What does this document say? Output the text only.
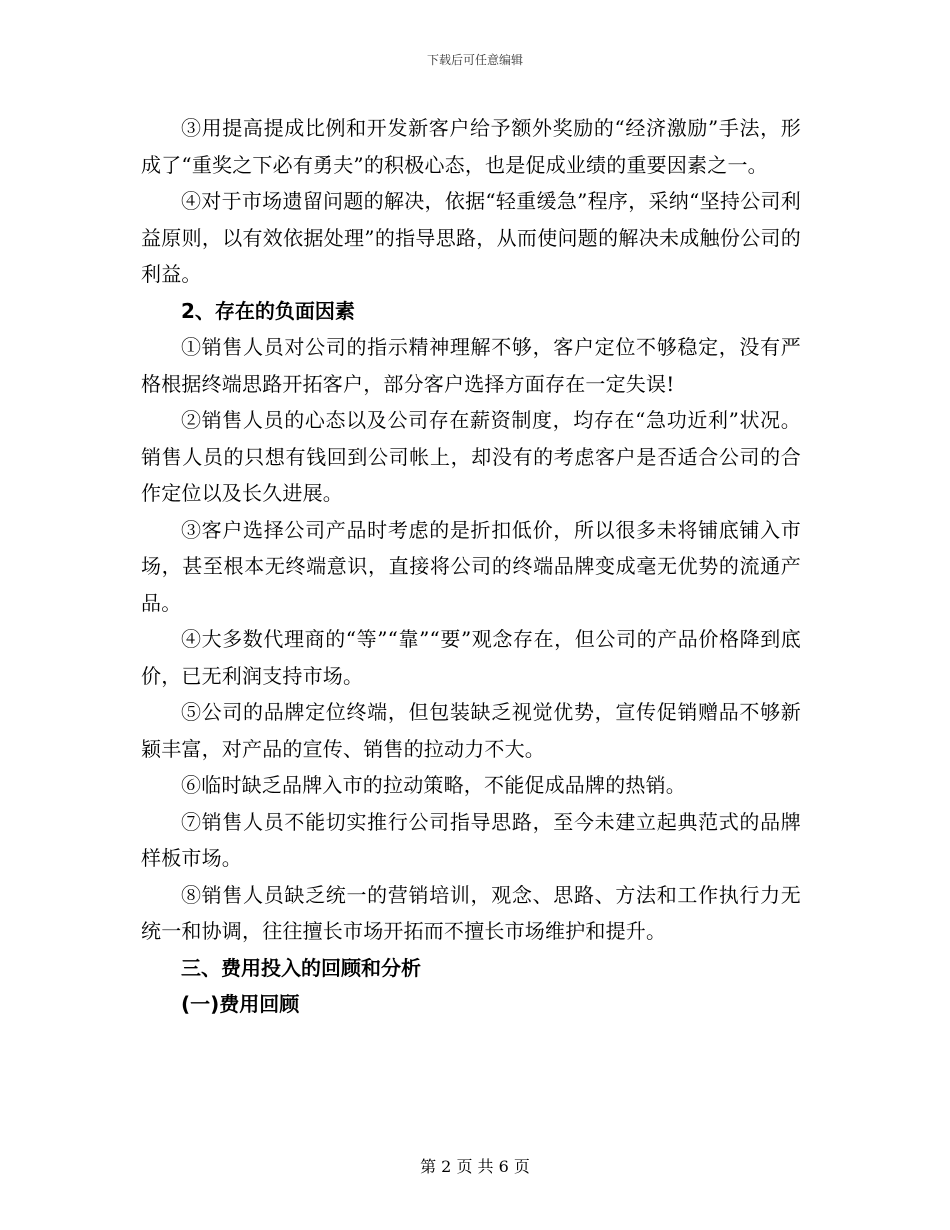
下载后可任意编辑

③用提高提成比例和开发新客户给予额外奖励的“经济激励”手法，形成了“重奖之下必有勇夫”的积极心态，也是促成业绩的重要因素之一。

④对于市场遗留问题的解决，依据“轻重缓急”程序，采纳“坚持公司利益原则，以有效依据处理”的指导思路，从而使问题的解决未成触份公司的利益。

2、存在的负面因素

①销售人员对公司的指示精神理解不够，客户定位不够稳定，没有严格根据终端思路开拓客户，部分客户选择方面存在一定失误!

②销售人员的心态以及公司存在薪资制度，均存在“急功近利”状况。销售人员的只想有钱回到公司帐上，却没有的考虑客户是否适合公司的合作定位以及长久进展。

③客户选择公司产品时考虑的是折扣低价，所以很多未将铺底铺入市场，甚至根本无终端意识，直接将公司的终端品牌变成毫无优势的流通产品。

④大多数代理商的“等”“靠”“要”观念存在，但公司的产品价格降到底价，已无利润支持市场。

⑤公司的品牌定位终端，但包装缺乏视觉优势，宣传促销赠品不够新颖丰富，对产品的宣传、销售的拉动力不大。

⑥临时缺乏品牌入市的拉动策略，不能促成品牌的热销。

⑦销售人员不能切实推行公司指导思路，至今未建立起典范式的品牌样板市场。

⑧销售人员缺乏统一的营销培训，观念、思路、方法和工作执行力无统一和协调，往往擅长市场开拓而不擅长市场维护和提升。

三、费用投入的回顾和分析

(一)费用回顾

第 2 页 共 6 页
